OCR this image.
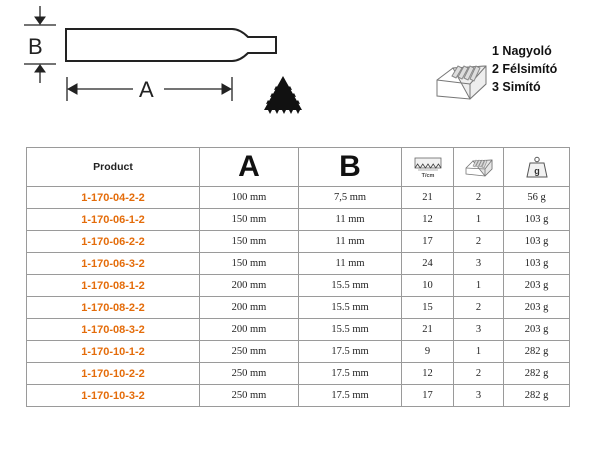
B
A
1 Nagyoló
2 Félsimító
3 Simító
Product	A	B	T/cm		g

1-170-04-2-2	100 mm	7,5 mm	21	2	56 g
1-170-06-1-2	150 mm	11 mm	12	1	103 g
1-170-06-2-2	150 mm	11 mm	17	2	103 g
1-170-06-3-2	150 mm	11 mm	24	3	103 g
1-170-08-1-2	200 mm	15.5 mm	10	1	203 g
1-170-08-2-2	200 mm	15.5 mm	15	2	203 g
1-170-08-3-2	200 mm	15.5 mm	21	3	203 g
1-170-10-1-2	250 mm	17.5 mm	9	1	282 g
1-170-10-2-2	250 mm	17.5 mm	12	2	282 g
1-170-10-3-2	250 mm	17.5 mm	17	3	282 g
